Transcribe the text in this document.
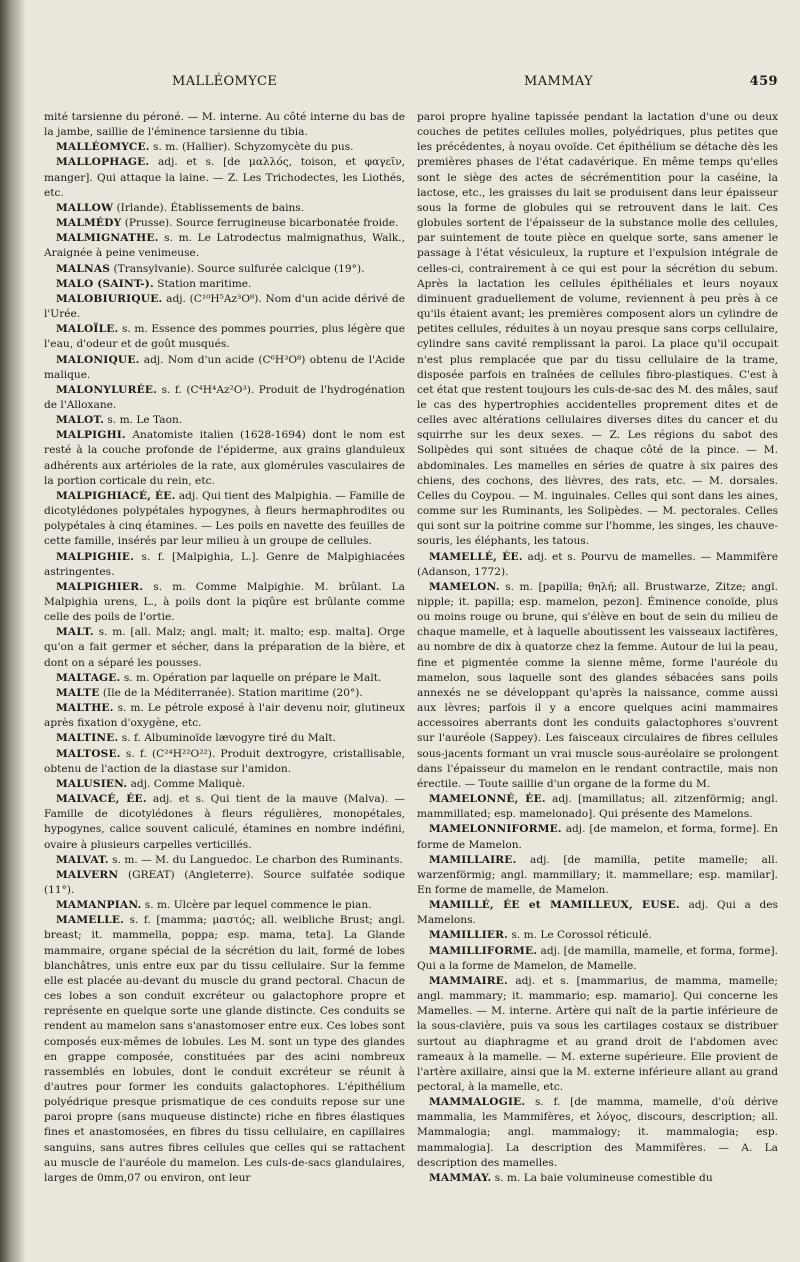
MALLÉOMYCE	MAMMAY	459

mité tarsienne du péroné. — M. interne. Au côté interne du bas de la jambe, saillie de l'éminence tarsienne du tibia.

MALLÉOMYCE. s. m. (Hallier). Schyzomycète du pus.

MALLOPHAGE. adj. et s. [de μαλλός, toison, et φαγεῖν, manger]. Qui attaque la laine. — Z. Les Trichodectes, les Liothés, etc.

MALLOW (Irlande). Établissements de bains.

MALMÉDY (Prusse). Source ferrugineuse bicarbonatée froide.

MALMIGNATHE. s. m. Le Latrodectus malmignathus, Walk., Araignée à peine venimeuse.

MALNAS (Transylvanie). Source sulfurée calcique (19°).

MALO (SAINT-). Station maritime.

MALOBIURIQUE. adj. (C¹⁰H⁵Az³O⁸). Nom d'un acide dérivé de l'Urée.

MALOÏLE. s. m. Essence des pommes pourries, plus légère que l'eau, d'odeur et de goût musqués.

MALONIQUE. adj. Nom d'un acide (C⁶H³O⁸) obtenu de l'Acide malique.

MALONYLURÉE. s. f. (C⁴H⁴Az²O³). Produit de l'hydrogénation de l'Alloxane.

MALOT. s. m. Le Taon.

MALPIGHI. Anatomiste italien (1628-1694) dont le nom est resté à la couche profonde de l'épiderme, aux grains glanduleux adhérents aux artérioles de la rate, aux glomérules vasculaires de la portion corticale du rein, etc.

MALPIGHIACÉ, ÉE. adj. Qui tient des Malpighia. — Famille de dicotylédones polypétales hypogynes, à fleurs hermaphrodites ou polypétales à cinq étamines. — Les poils en navette des feuilles de cette famille, insérés par leur milieu à un groupe de cellules.

MALPIGHIE. s. f. [Malpighia, L.]. Genre de Malpighiacées astringentes.

MALPIGHIER. s. m. Comme Malpighie. M. brûlant. La Malpighia urens, L., à poils dont la piqûre est brûlante comme celle des poils de l'ortie.

MALT. s. m. [all. Malz; angl. malt; it. malto; esp. malta]. Orge qu'on a fait germer et sécher, dans la préparation de la bière, et dont on a séparé les pousses.

MALTAGE. s. m. Opération par laquelle on prépare le Malt.

MALTE (Ile de la Méditerranée). Station maritime (20°).

MALTHE. s. m. Le pétrole exposé à l'air devenu noir, glutineux après fixation d'oxygène, etc.

MALTINE. s. f. Albuminoïde lævogyre tiré du Malt.

MALTOSE. s. f. (C²⁴H²²O²²). Produit dextrogyre, cristallisable, obtenu de l'action de la diastase sur l'amidon.

MALUSIEN. adj. Comme Maliquè.

MALVACÉ, ÉE. adj. et s. Qui tient de la mauve (Malva). — Famille de dicotylédones à fleurs régulières, monopétales, hypogynes, calice souvent caliculé, étamines en nombre indéfini, ovaire à plusieurs carpelles verticillés.

MALVAT. s. m. — M. du Languedoc. Le charbon des Ruminants.

MALVERN (GREAT) (Angleterre). Source sulfatée sodique (11°).

MAMANPIAN. s. m. Ulcère par lequel commence le pian.

MAMELLE. s. f. [mamma; μαστός; all. weibliche Brust; angl. breast; it. mammella, poppa; esp. mama, teta]. La Glande mammaire, organe spécial de la sécrétion du lait, formé de lobes blanchâtres, unis entre eux par du tissu cellulaire. Sur la femme elle est placée au-devant du muscle du grand pectoral. Chacun de ces lobes a son conduit excréteur ou galactophore propre et représente en quelque sorte une glande distincte. Ces conduits se rendent au mamelon sans s'anastomoser entre eux. Ces lobes sont composés eux-mêmes de lobules. Les M. sont un type des glandes en grappe composée, constituées par des acini nombreux rassemblés en lobules, dont le conduit excréteur se réunit à d'autres pour former les conduits galactophores. L'épithélium polyédrique presque prismatique de ces conduits repose sur une paroi propre (sans muqueuse distincte) riche en fibres élastiques fines et anastomosées, en fibres du tissu cellulaire, en capillaires sanguins, sans autres fibres cellules que celles qui se rattachent au muscle de l'auréole du mamelon. Les culs-de-sacs glandulaires, larges de 0mm,07 ou environ, ont leur

paroi propre hyaline tapissée pendant la lactation d'une ou deux couches de petites cellules molles, polyédriques, plus petites que les précédentes, à noyau ovoïde. Cet épithélium se détache dès les premières phases de l'état cadavérique. En même temps qu'elles sont le siège des actes de sécrémentition pour la caséine, la lactose, etc., les graisses du lait se produisent dans leur épaisseur sous la forme de globules qui se retrouvent dans le lait. Ces globules sortent de l'épaisseur de la substance molle des cellules, par suintement de toute pièce en quelque sorte, sans amener le passage à l'état vésiculeux, la rupture et l'expulsion intégrale de celles-ci, contrairement à ce qui est pour la sécrétion du sebum. Après la lactation les cellules épithéliales et leurs noyaux diminuent graduellement de volume, reviennent à peu près à ce qu'ils étaient avant; les premières composent alors un cylindre de petites cellules, réduites à un noyau presque sans corps cellulaire, cylindre sans cavité remplissant la paroi. La place qu'il occupait n'est plus remplacée que par du tissu cellulaire de la trame, disposée parfois en traînées de cellules fibro-plastiques. C'est à cet état que restent toujours les culs-de-sac des M. des mâles, sauf le cas des hypertrophies accidentelles proprement dites et de celles avec altérations cellulaires diverses dites du cancer et du squirrhe sur les deux sexes. — Z. Les régions du sabot des Solipèdes qui sont situées de chaque côté de la pince. — M. abdominales. Les mamelles en séries de quatre à six paires des chiens, des cochons, des lièvres, des rats, etc. — M. dorsales. Celles du Coypou. — M. inguinales. Celles qui sont dans les aines, comme sur les Ruminants, les Solipèdes. — M. pectorales. Celles qui sont sur la poitrine comme sur l'homme, les singes, les chauve-souris, les éléphants, les tatous.

MAMELLÉ, ÉE. adj. et s. Pourvu de mamelles. — Mammifère (Adanson, 1772).

MAMELON. s. m. [papilla; θηλή; all. Brustwarze, Zitze; angl. nipple; it. papilla; esp. mamelon, pezon]. Éminence conoïde, plus ou moins rouge ou brune, qui s'élève en bout de sein du milieu de chaque mamelle, et à laquelle aboutissent les vaisseaux lactifères, au nombre de dix à quatorze chez la femme. Autour de lui la peau, fine et pigmentée comme la sienne même, forme l'auréole du mamelon, sous laquelle sont des glandes sébacées sans poils annexés ne se développant qu'après la naissance, comme aussi aux lèvres; parfois il y a encore quelques acini mammaires accessoires aberrants dont les conduits galactophores s'ouvrent sur l'auréole (Sappey). Les faisceaux circulaires de fibres cellules sous-jacents formant un vrai muscle sous-auréolaire se prolongent dans l'épaisseur du mamelon en le rendant contractile, mais non érectile. — Toute saillie d'un organe de la forme du M.

MAMELONNÉ, ÉE. adj. [mamillatus; all. zitzenförmig; angl. mammillated; esp. mamelonado]. Qui présente des Mamelons.

MAMELONNIFORME. adj. [de mamelon, et forma, forme]. En forme de Mamelon.

MAMILLAIRE. adj. [de mamilla, petite mamelle; all. warzenförmig; angl. mammillary; it. mammellare; esp. mamilar]. En forme de mamelle, de Mamelon.

MAMILLÉ, ÉE et MAMILLEUX, EUSE. adj. Qui a des Mamelons.

MAMILLIER. s. m. Le Corossol réticulé.

MAMILLIFORME. adj. [de mamilla, mamelle, et forma, forme]. Qui a la forme de Mamelon, de Mamelle.

MAMMAIRE. adj. et s. [mammarius, de mamma, mamelle; angl. mammary; it. mammario; esp. mamario]. Qui concerne les Mamelles. — M. interne. Artère qui naît de la partie inférieure de la sous-clavière, puis va sous les cartilages costaux se distribuer surtout au diaphragme et au grand droit de l'abdomen avec rameaux à la mamelle. — M. externe supérieure. Elle provient de l'artère axillaire, ainsi que la M. externe inférieure allant au grand pectoral, à la mamelle, etc.

MAMMALOGIE. s. f. [de mamma, mamelle, d'où dérive mammalia, les Mammifères, et λόγος, discours, description; all. Mammalogia; angl. mammalogy; it. mammalogia; esp. mammalogia]. La description des Mammifères. — A. La description des mamelles.

MAMMAY. s. m. La baie volumineuse comestible du
